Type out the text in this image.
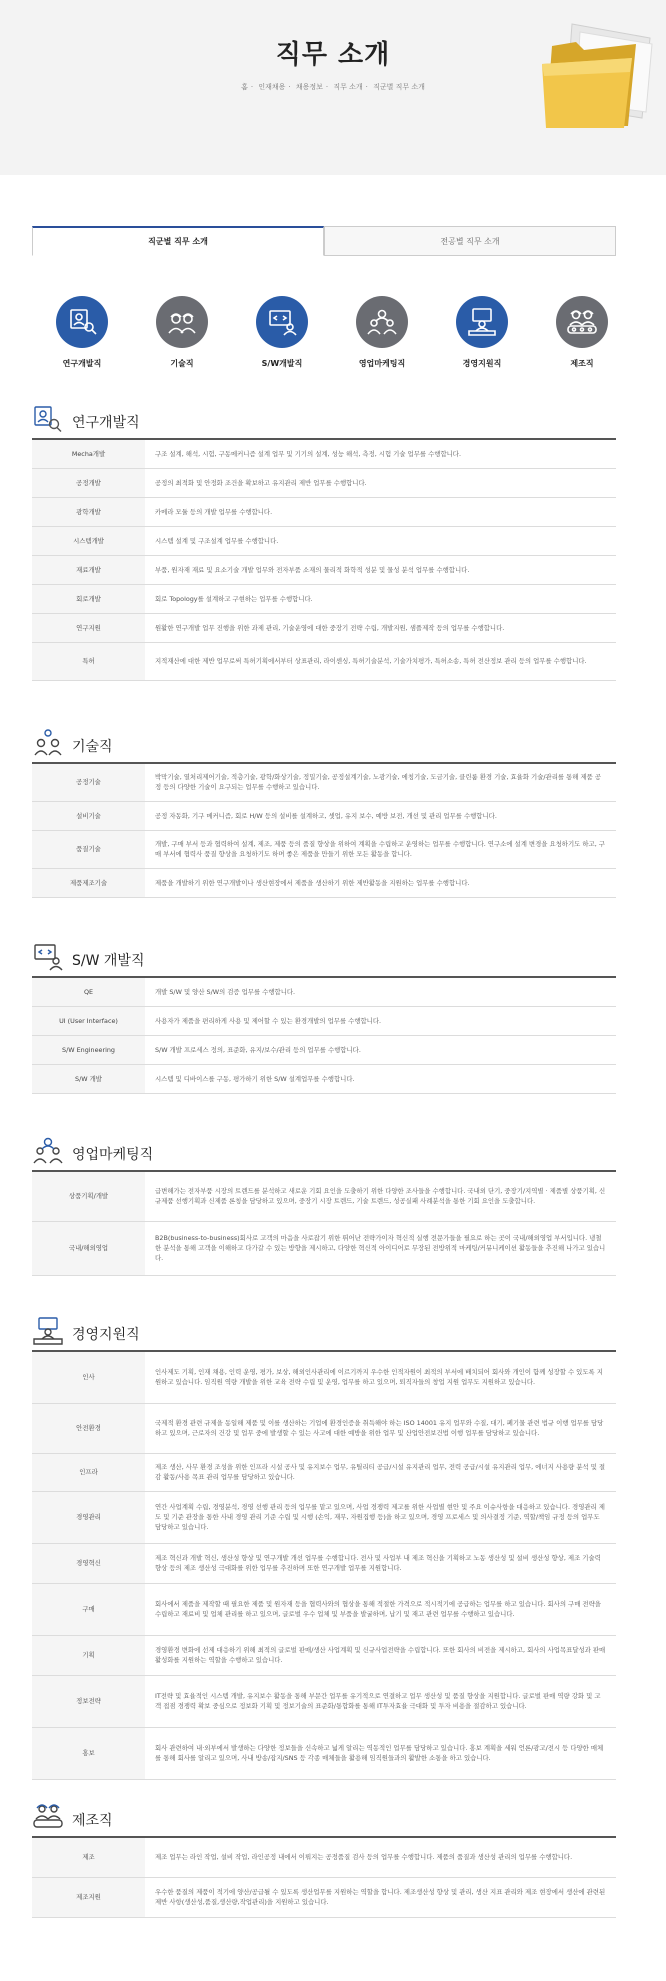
직무 소개
홈 · 인재채용 · 채용정보 · 직무 소개 · 직군별 직무 소개
직군별 직무 소개	전공별 직무 소개
연구개발직	기술직	S/W개발직	영업마케팅직	경영지원직	제조직
연구개발직
Mecha개발	구조 설계, 해석, 시험, 구동메커니즘 설계 업무 및 기기의 설계, 성능 해석, 측정, 시험 기술 업무를 수행합니다.
공정개발	공정의 최적화 및 안정화 조건을 확보하고 유지관리 제반 업무를 수행합니다.
광학개발	카메라 모듈 등의 개발 업무를 수행합니다.
시스템개발	시스템 설계 및 구조설계 업무를 수행합니다.
재료개발	부품, 원자재 재료 및 요소기술 개발 업무와 전자부품 소재의 물리적 화학적 성분 및 물성 분석 업무를 수행합니다.
회로개발	회로 Topology를 설계하고 구현하는 업무를 수행합니다.
연구지원	원활한 연구개발 업무 진행을 위한 과제 관리, 기술운영에 대한 중장기 전략 수립, 개발지원, 샘플제작 등의 업무를 수행합니다.
특허	지적재산에 대한 제반 업무로써 특허기획에서부터 상표관리, 라이센싱, 특허기술분석, 기술가치평가, 특허소송, 특허 전산정보 관리 등의 업무를 수행합니다.
기술직
공정기술	박막기술, 열처리제어기술, 적층기술, 광학/화상기술, 정밀기술, 공정설계기술, 노광기술, 에칭기술, 도금기술, 클린룸 환경 기술, 효율화 기술/관리를 통해 제품 공정 등의 다양한 기술이 요구되는 업무를 수행하고 있습니다.
설비기술	공정 자동화, 기구 메커니즘, 회로 H/W 등의 설비를 설계하고, 셋업, 유지 보수, 예방 보전, 개선 및 관리 업무를 수행합니다.
품질기술	개발, 구매 부서 등과 협력하여 설계, 제조, 제품 등의 품질 향상을 위하여 계획을 수립하고 운영하는 업무를 수행합니다. 연구소에 설계 변경을 요청하기도 하고, 구매 부서에 협력사 품질 향상을 요청하기도 하며 좋은 제품을 만들기 위한 모든 활동을 합니다.
제품제조기술	제품을 개발하기 위한 연구개발이나 생산현장에서 제품을 생산하기 위한 제반활동을 지원하는 업무를 수행합니다.
S/W 개발직
QE	개발 S/W 및 양산 S/W의 검증 업무를 수행합니다.
UI (User Interface)	사용자가 제품을 편리하게 사용 및 제어할 수 있는 환경개발의 업무를 수행합니다.
S/W Engineering	S/W 개발 프로세스 정의, 표준화, 유지/보수/관리 등의 업무를 수행합니다.
S/W 개발	시스템 및 디바이스를 구동, 평가하기 위한 S/W 설계업무를 수행합니다.
영업마케팅직
상품기획/개발	급변해가는 전자부품 시장의 트렌드를 분석하고 새로운 기회 요인을 도출하기 위한 다양한 조사들을 수행합니다. 국내외 단기, 중장기/지역별 · 제품별 상품기획, 신규제품 선행기획과 신제품 론칭을 담당하고 있으며, 중장기 시장 트렌드, 기술 트렌드, 성공실패 사례분석을 통한 기회 요인을 도출합니다.
국내/해외영업	B2B(business-to-business)회사로 고객의 마음을 사로잡기 위한 뛰어난 전략가이자 혁신적 실행 전문가들을 필요로 하는 곳이 국내/해외영업 부서입니다. 냉철한 분석을 통해 고객을 이해하고 다가갈 수 있는 방향을 제시하고, 다양한 혁신적 아이디어로 무장된 전방위적 마케팅/커뮤니케이션 활동들을 추진해 나가고 있습니다.
경영지원직
인사	인사제도 기획, 인재 채용, 인력 운영, 평가, 보상, 해외인사관리에 이르기까지 우수한 인적자원이 최적의 부서에 배치되어 회사와 개인이 함께 성장할 수 있도록 지원하고 있습니다. 임직원 역량 개발을 위한 교육 전략 수립 및 운영, 업무를 하고 있으며, 퇴직자들의 창업 지원 업무도 지원하고 있습니다.
안전환경	국제적 환경 관련 규제을 동일해 제품 및 이를 생산하는 기업에 환경인증을 취득해야 하는 ISO 14001 유지 업무와 수질, 대기, 폐기물 관련 법규 이행 업무를 담당하고 있으며, 근로자의 건강 및 업무 중에 발생할 수 있는 사고에 대한 예방을 위한 업무 및 산업안전보건법 이행 업무를 담당하고 있습니다.
인프라	제조 생산, 사무 환경 조성을 위한 인프라 시설 공사 및 유지보수 업무, 유틸리티 공급/시설 유지관리 업무, 전력 공급/시설 유지관리 업무, 에너지 사용량 분석 및 절감 활동/사용 목표 관리 업무를 담당하고 있습니다.
경영관리	연간 사업계획 수립, 경영분석, 경영 선행 관리 등의 업무를 맡고 있으며, 사업 경쟁력 제고를 위한 사업별 현안 및 주요 이슈사항을 대응하고 있습니다. 경영관리 제도 및 기준 관장을 통한 사내 경영 관리 기준 수립 및 시행 (손익, 재무, 자원집행 등)을 하고 있으며, 경영 프로세스 및 의사결정 기준, 역할/책임 규정 등의 업무도 담당하고 있습니다.
경영혁신	제조 혁신과 개발 혁신, 생산성 향상 및 연구개발 개선 업무를 수행합니다. 전사 및 사업부 내 제조 혁신을 기획하고 노동 생산성 및 설비 생산성 향상, 제조 기술력 향상 등의 제조 생산성 극대화를 위한 업무를 추진하며 또한 연구개발 업무를 지원합니다.
구매	회사에서 제품을 제작할 때 필요한 제품 및 원자재 등을 협력사와의 협상을 통해 적절한 가격으로 적시적기에 공급하는 업무를 하고 있습니다. 회사의 구매 전략을 수립하고 재료비 및 업체 관리를 하고 있으며, 글로벌 우수 업체 및 부품을 발굴하며, 납기 및 재고 관련 업무를 수행하고 있습니다.
기획	경영환경 변화에 선제 대응하기 위해 최적의 글로벌 판매/생산 사업계획 및 신규사업전략을 수립합니다. 또한 회사의 비전을 제시하고, 회사의 사업목표달성과 판매 활성화를 지원하는 역할을 수행하고 있습니다.
정보전략	IT전략 및 효율적인 시스템 개발, 유지보수 활동을 통해 부문간 업무를 유기적으로 연결하고 업무 생산성 및 품질 향상을 지원합니다. 글로벌 판매 역량 강화 및 고객 접점 경쟁력 확보 중심으로 정보화 기획 및 정보기술의 표준화/통합화를 통해 IT투자효율 극대화 및 투자 비용을 절감하고 있습니다.
홍보	회사 관련하여 내·외부에서 발생하는 다양한 정보들을 신속하고 넓게 알리는 역동적인 업무를 담당하고 있습니다. 홍보 계획을 세워 언론/광고/전시 등 다양한 매체를 통해 회사를 알리고 있으며, 사내 방송/잡지/SNS 등 각종 매체들을 활용해 임직원들과의 활발한 소통을 하고 있습니다.
제조직
제조	제조 업무는 라인 작업, 설비 작업, 라인공정 내에서 이뤄지는 공정품질 검사 등의 업무를 수행합니다. 제품의 품질과 생산성 관리의 업무를 수행합니다.
제조지원	우수한 품질의 제품이 적기에 양산/공급될 수 있도록 생산업무를 지원하는 역할을 합니다. 제조생산성 향상 및 관리, 생산 지표 관리와 제조 현장에서 생산에 관련된 제반 사항(생산성,품질,생산량,작업관리)을 지원하고 있습니다.
